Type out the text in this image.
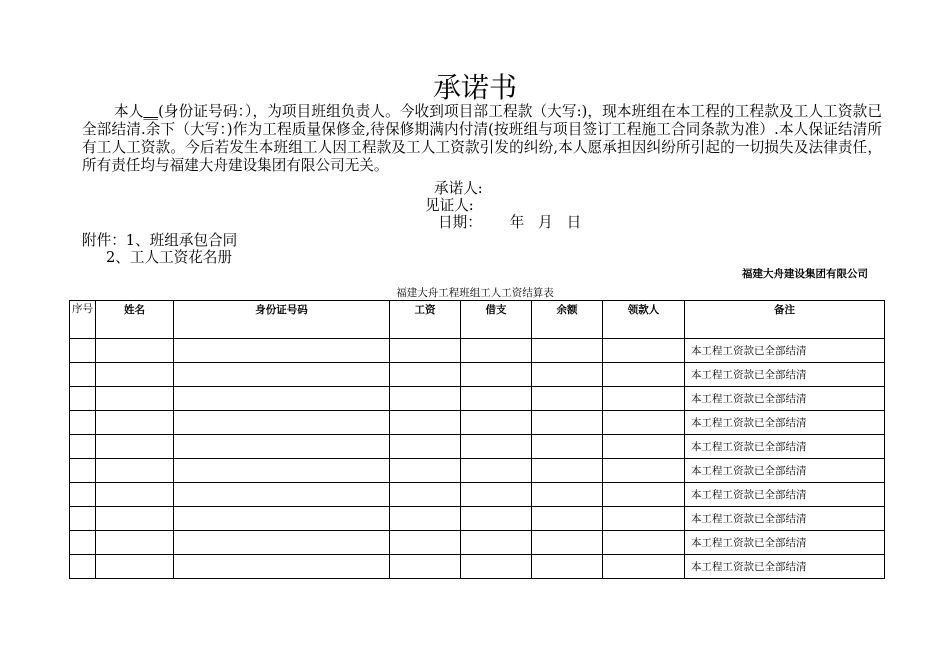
承诺书
本人__(身份证号码：），为项目班组负责人。今收到项目部工程款（大写:)，现本班组在本工程的工程款及工人工资款已全部结清.余下（大写：)作为工程质量保修金,待保修期满内付清(按班组与项目签订工程施工合同条款为准）.本人保证结清所有工人工资款。今后若发生本班组工人因工程款及工人工资款引发的纠纷,本人愿承担因纠纷所引起的一切损失及法律责任，所有责任均与福建大舟建设集团有限公司无关。
承诺人:
见证人:
日期：      年   月   日
附件：1、班组承包合同
2、工人工资花名册
福建大舟建设集团有限公司
福建大舟工程班组工人工资结算表
序号	姓名	身份证号码	工资	借支	余额	领款人	备注
							本工程工资款已全部结清
							本工程工资款已全部结清
							本工程工资款已全部结清
							本工程工资款已全部结清
							本工程工资款已全部结清
							本工程工资款已全部结清
							本工程工资款已全部结清
							本工程工资款已全部结清
							本工程工资款已全部结清
							本工程工资款已全部结清
